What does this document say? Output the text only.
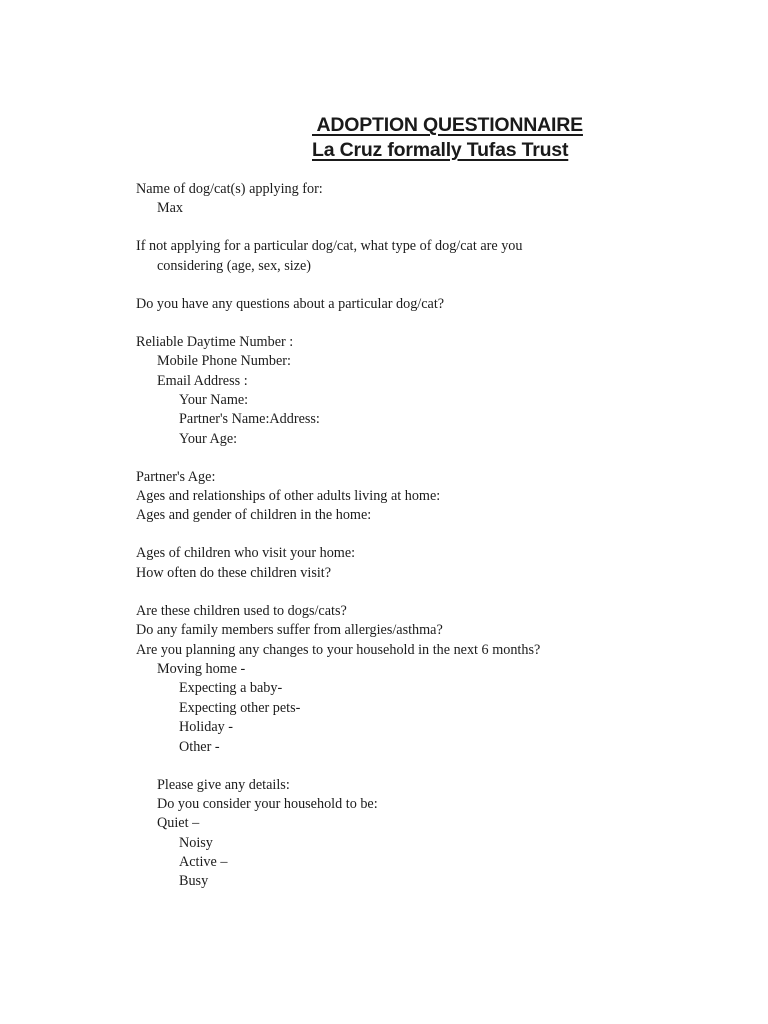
ADOPTION QUESTIONNAIRE
La Cruz formally Tufas Trust
Name of dog/cat(s) applying for:
Max
If not applying for a particular dog/cat, what type of dog/cat are you
considering (age, sex, size)
Do you have any questions about a particular dog/cat?
Reliable Daytime Number :
Mobile Phone Number:
Email Address :
Your Name:
Partner's Name:Address:
Your Age:
Partner's Age:
Ages and relationships of other adults living at home:
Ages and gender of children in the home:
Ages of children who visit your home:
How often do these children visit?
Are these children used to dogs/cats?
Do any family members suffer from allergies/asthma?
Are you planning any changes to your household in the next 6 months?
Moving home -
Expecting a baby-
Expecting other pets-
Holiday -
Other -
Please give any details:
Do you consider your household to be:
Quiet –
Noisy
Active –
Busy
